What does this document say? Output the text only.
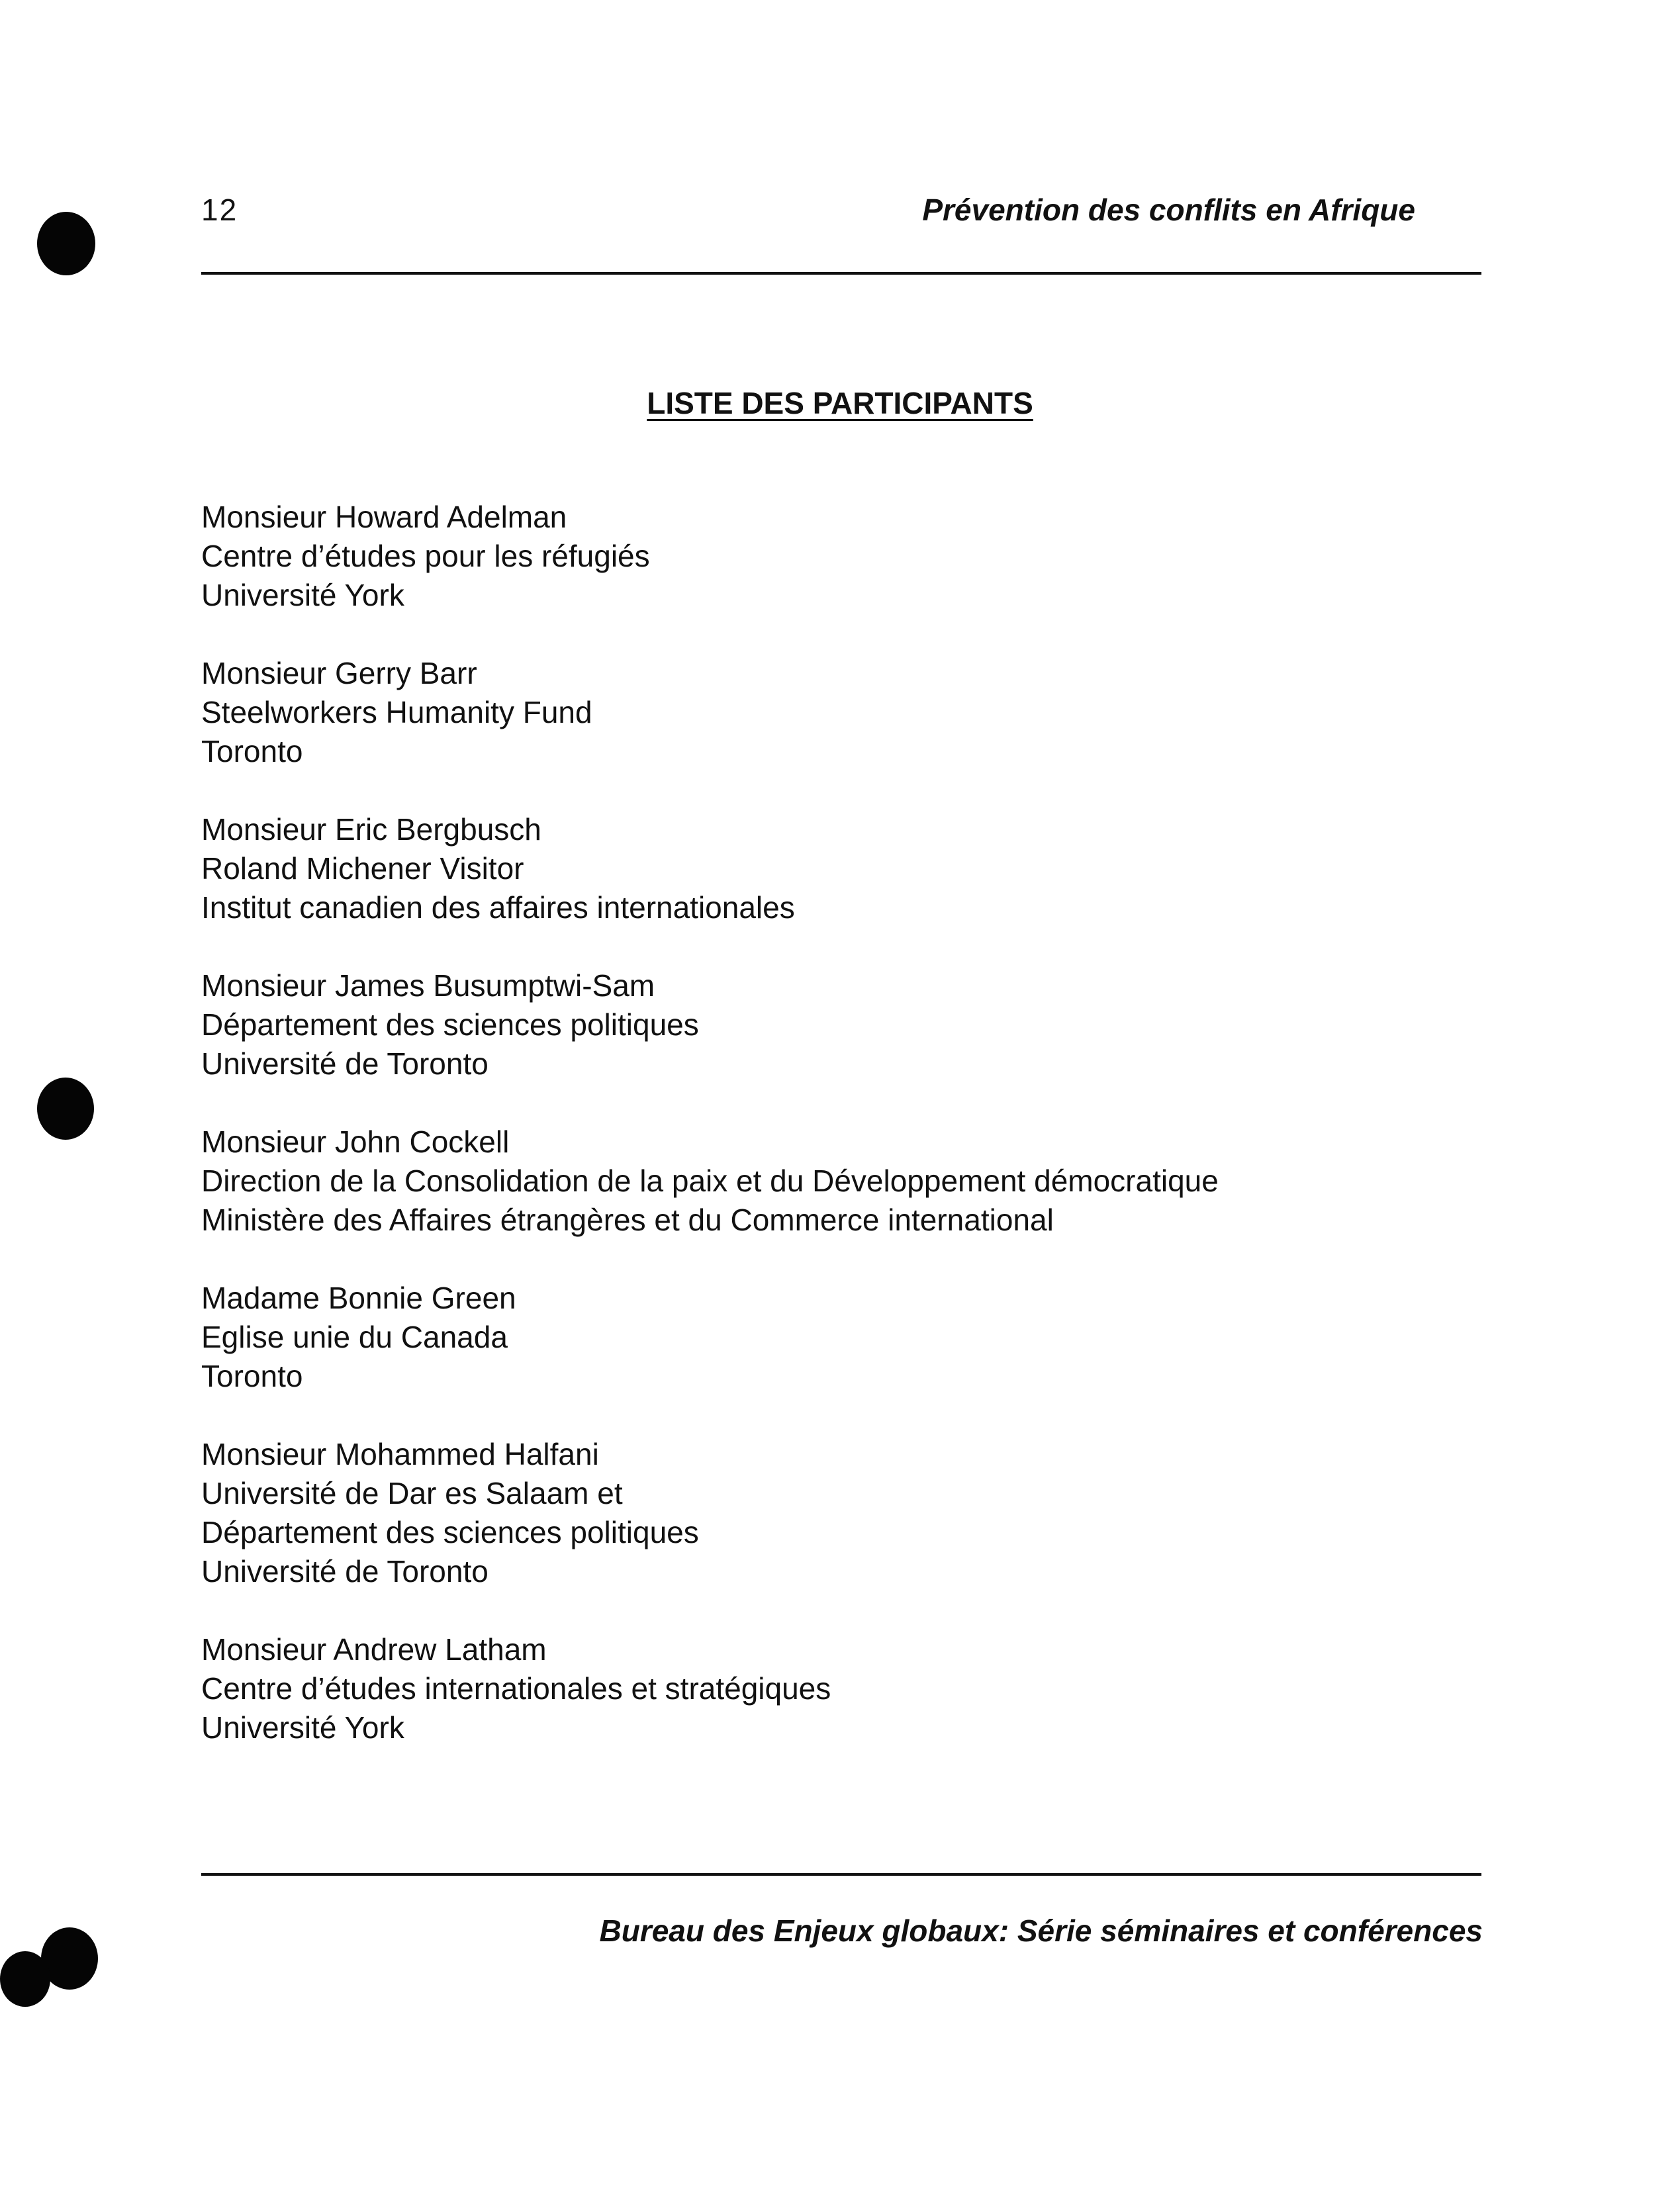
12	Prévention des conflits en Afrique
LISTE DES PARTICIPANTS
Monsieur Howard Adelman
Centre d’études pour les réfugiés
Université York
Monsieur Gerry Barr
Steelworkers Humanity Fund
Toronto
Monsieur Eric Bergbusch
Roland Michener Visitor
Institut canadien des affaires internationales
Monsieur James Busumptwi-Sam
Département des sciences politiques
Université de Toronto
Monsieur John Cockell
Direction de la Consolidation de la paix et du Développement démocratique
Ministère des Affaires étrangères et du Commerce international
Madame Bonnie Green
Eglise unie du Canada
Toronto
Monsieur Mohammed Halfani
Université de Dar es Salaam et
Département des sciences politiques
Université de Toronto
Monsieur Andrew Latham
Centre d’études internationales et stratégiques
Université York
Bureau des Enjeux globaux: Série séminaires et conférences
